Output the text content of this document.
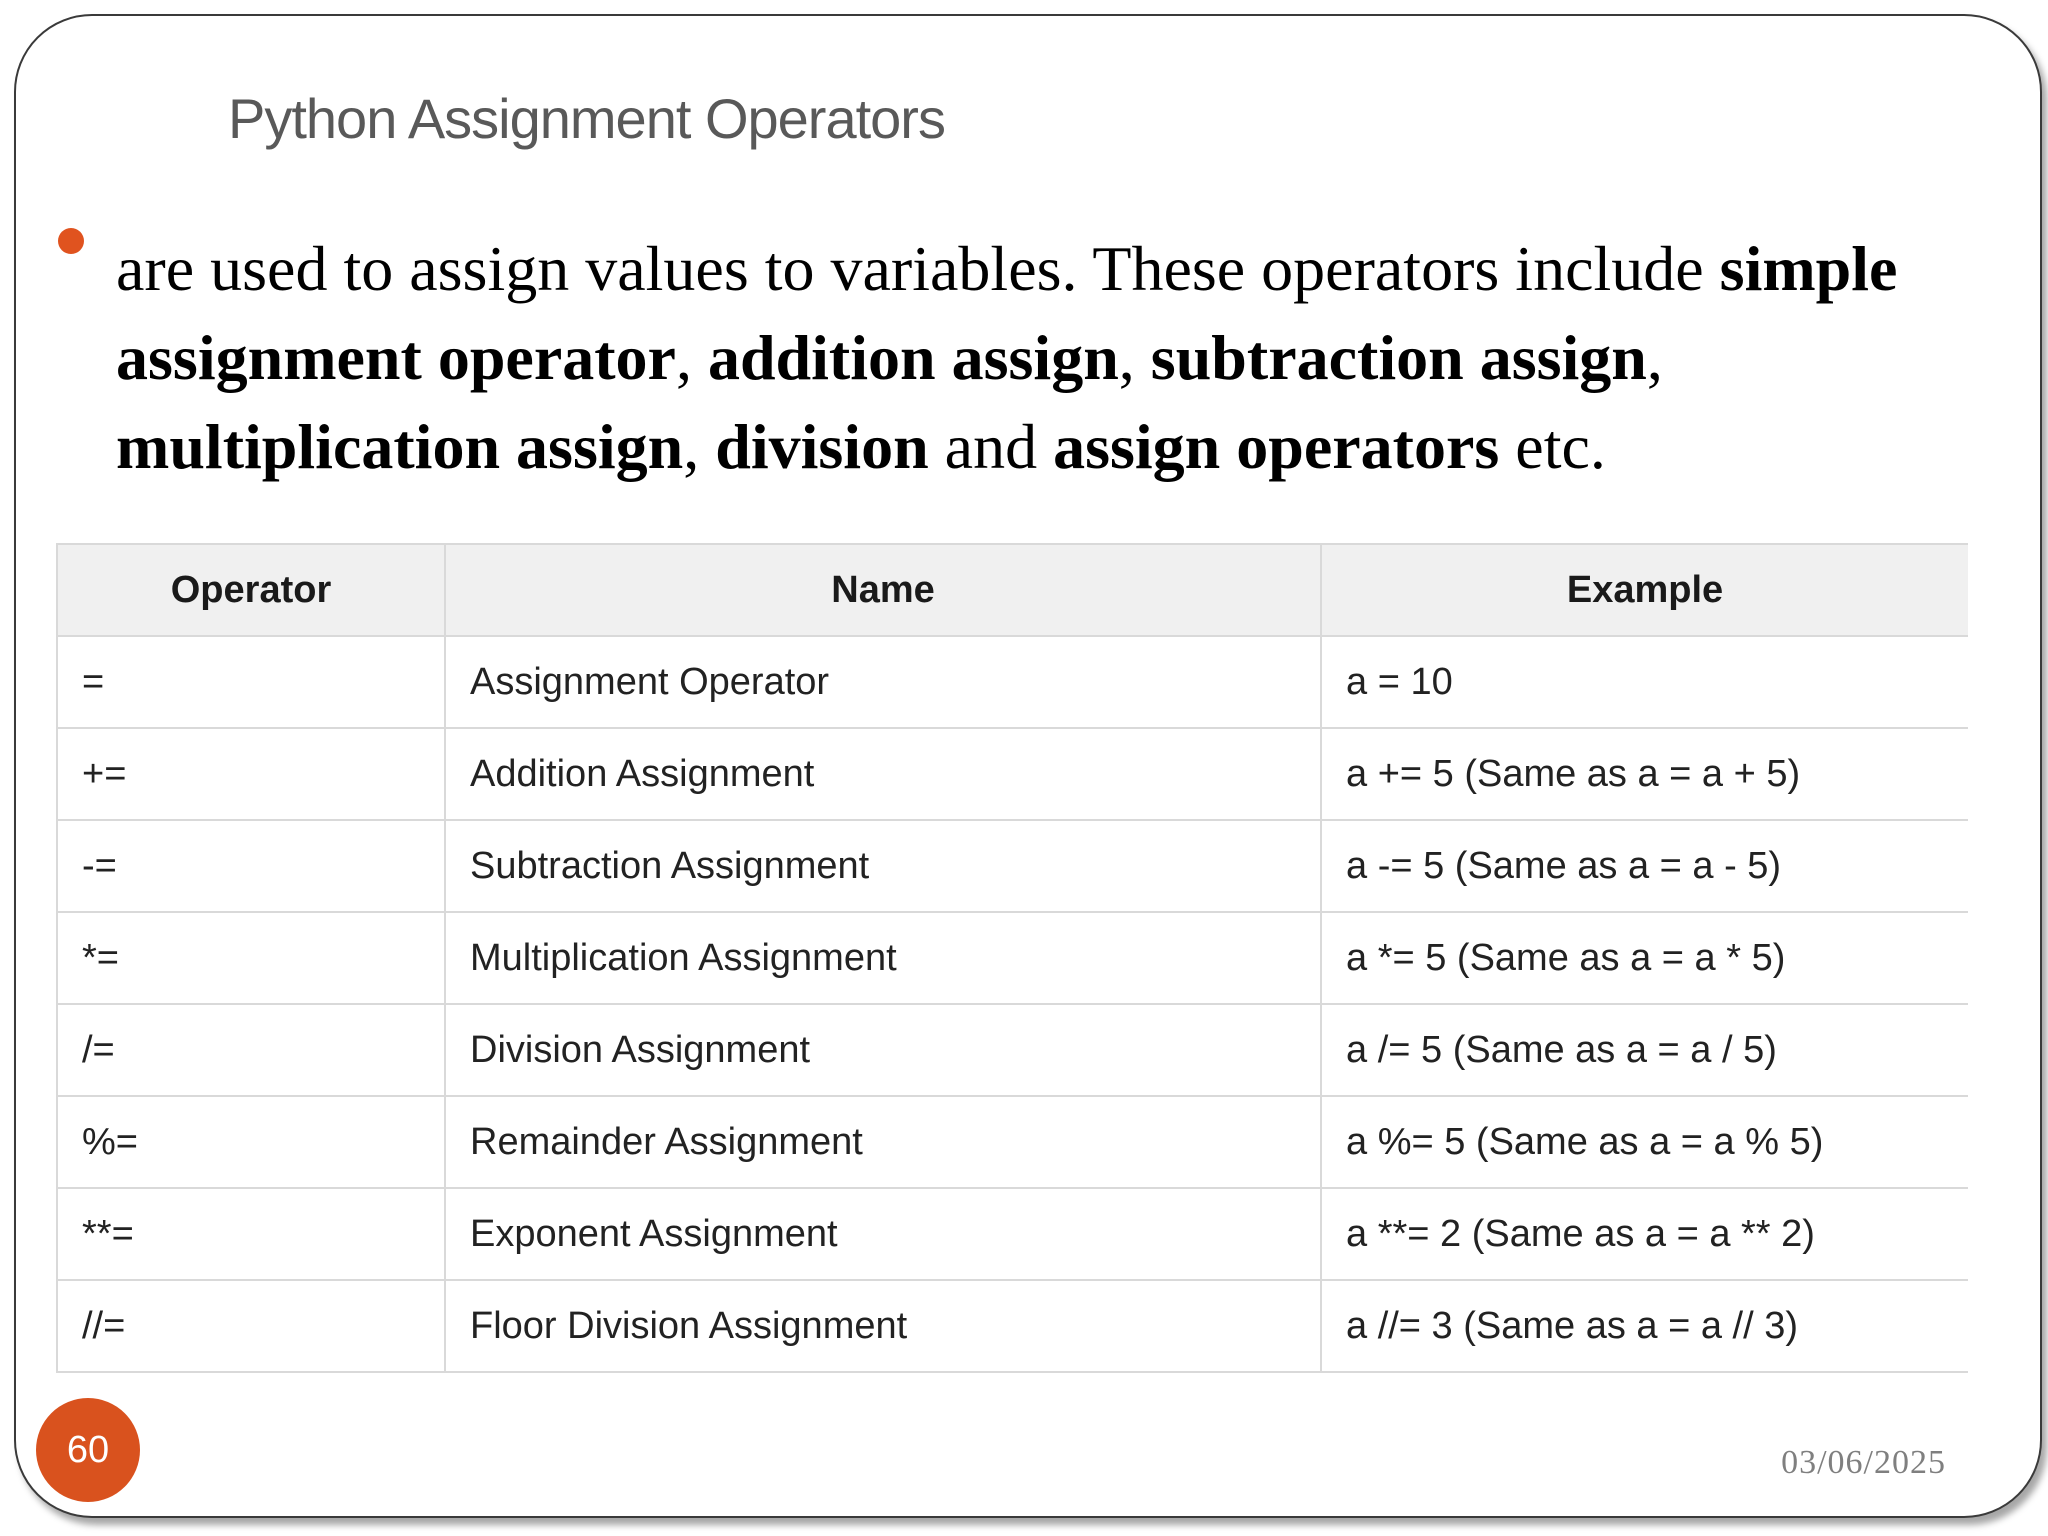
Python Assignment Operators

are used to assign values to variables. These operators include simple assignment operator, addition assign, subtraction assign, multiplication assign, division and assign operators etc.

Operator	Name	Example
=	Assignment Operator	a = 10
+=	Addition Assignment	a += 5 (Same as a = a + 5)
-=	Subtraction Assignment	a -= 5 (Same as a = a - 5)
*=	Multiplication Assignment	a *= 5 (Same as a = a * 5)
/=	Division Assignment	a /= 5 (Same as a = a / 5)
%=	Remainder Assignment	a %= 5 (Same as a = a % 5)
**=	Exponent Assignment	a **= 2 (Same as a = a ** 2)
//=	Floor Division Assignment	a //= 3 (Same as a = a // 3)
60	03/06/2025
